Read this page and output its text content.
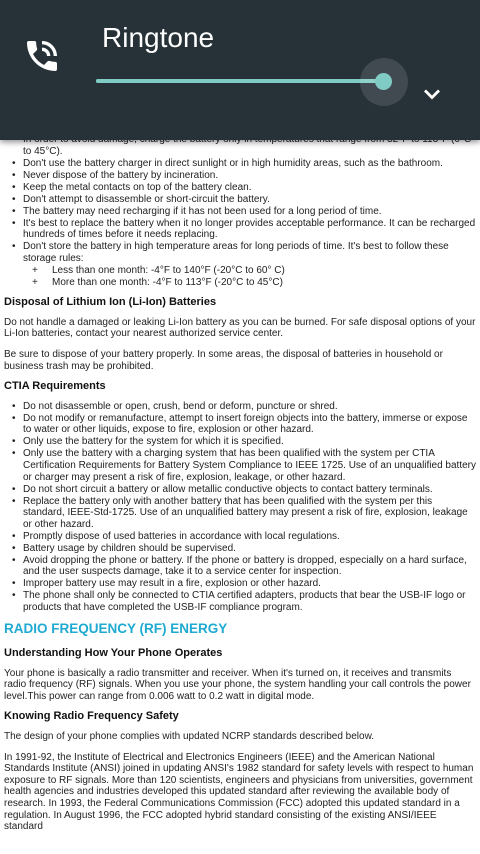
• to 45°C).
• Don't use the battery charger in direct sunlight or in high humidity areas, such as the bathroom.
• Never dispose of the battery by incineration.
• Keep the metal contacts on top of the battery clean.
• Don't attempt to disassemble or short-circuit the battery.
• The battery may need recharging if it has not been used for a long period of time.
• It's best to replace the battery when it no longer provides acceptable performance. It can be recharged hundreds of times before it needs replacing.
• Don't store the battery in high temperature areas for long periods of time. It's best to follow these storage rules:
+ Less than one month: -4°F to 140°F (-20°C to 60° C)
+ More than one month: -4°F to 113°F (-20°C to 45°C)
Disposal of Lithium Ion (Li-Ion) Batteries

Do not handle a damaged or leaking Li-Ion battery as you can be burned. For safe disposal options of your Li-Ion batteries, contact your nearest authorized service center.

Be sure to dispose of your battery properly. In some areas, the disposal of batteries in household or business trash may be prohibited.

CTIA Requirements
• Do not disassemble or open, crush, bend or deform, puncture or shred.
• Do not modify or remanufacture, attempt to insert foreign objects into the battery, immerse or expose to water or other liquids, expose to fire, explosion or other hazard.
• Only use the battery for the system for which it is specified.
• Only use the battery with a charging system that has been qualified with the system per CTIA Certification Requirements for Battery System Compliance to IEEE 1725. Use of an unqualified battery or charger may present a risk of fire, explosion, leakage, or other hazard.
• Do not short circuit a battery or allow metallic conductive objects to contact battery terminals.
• Replace the battery only with another battery that has been qualified with the system per this standard, IEEE-Std-1725. Use of an unqualified battery may present a risk of fire, explosion, leakage or other hazard.
• Promptly dispose of used batteries in accordance with local regulations.
• Battery usage by children should be supervised.
• Avoid dropping the phone or battery. If the phone or battery is dropped, especially on a hard surface, and the user suspects damage, take it to a service center for inspection.
• Improper battery use may result in a fire, explosion or other hazard.
• The phone shall only be connected to CTIA certified adapters, products that bear the USB-IF logo or products that have completed the USB-IF compliance program.
RADIO FREQUENCY (RF) ENERGY
Understanding How Your Phone Operates

Your phone is basically a radio transmitter and receiver. When it's turned on, it receives and transmits radio frequency (RF) signals. When you use your phone, the system handling your call controls the power level.This power can range from 0.006 watt to 0.2 watt in digital mode.

Knowing Radio Frequency Safety

The design of your phone complies with updated NCRP standards described below.

In 1991-92, the Institute of Electrical and Electronics Engineers (IEEE) and the American National Standards Institute (ANSI) joined in updating ANSI's 1982 standard for safety levels with respect to human exposure to RF signals. More than 120 scientists, engineers and physicians from universities, government health agencies and industries developed this updated standard after reviewing the available body of research. In 1993, the Federal Communications Commission (FCC) adopted this updated standard in a regulation. In August 1996, the FCC adopted hybrid standard consisting of the existing ANSI/IEEE standard

Ringtone
